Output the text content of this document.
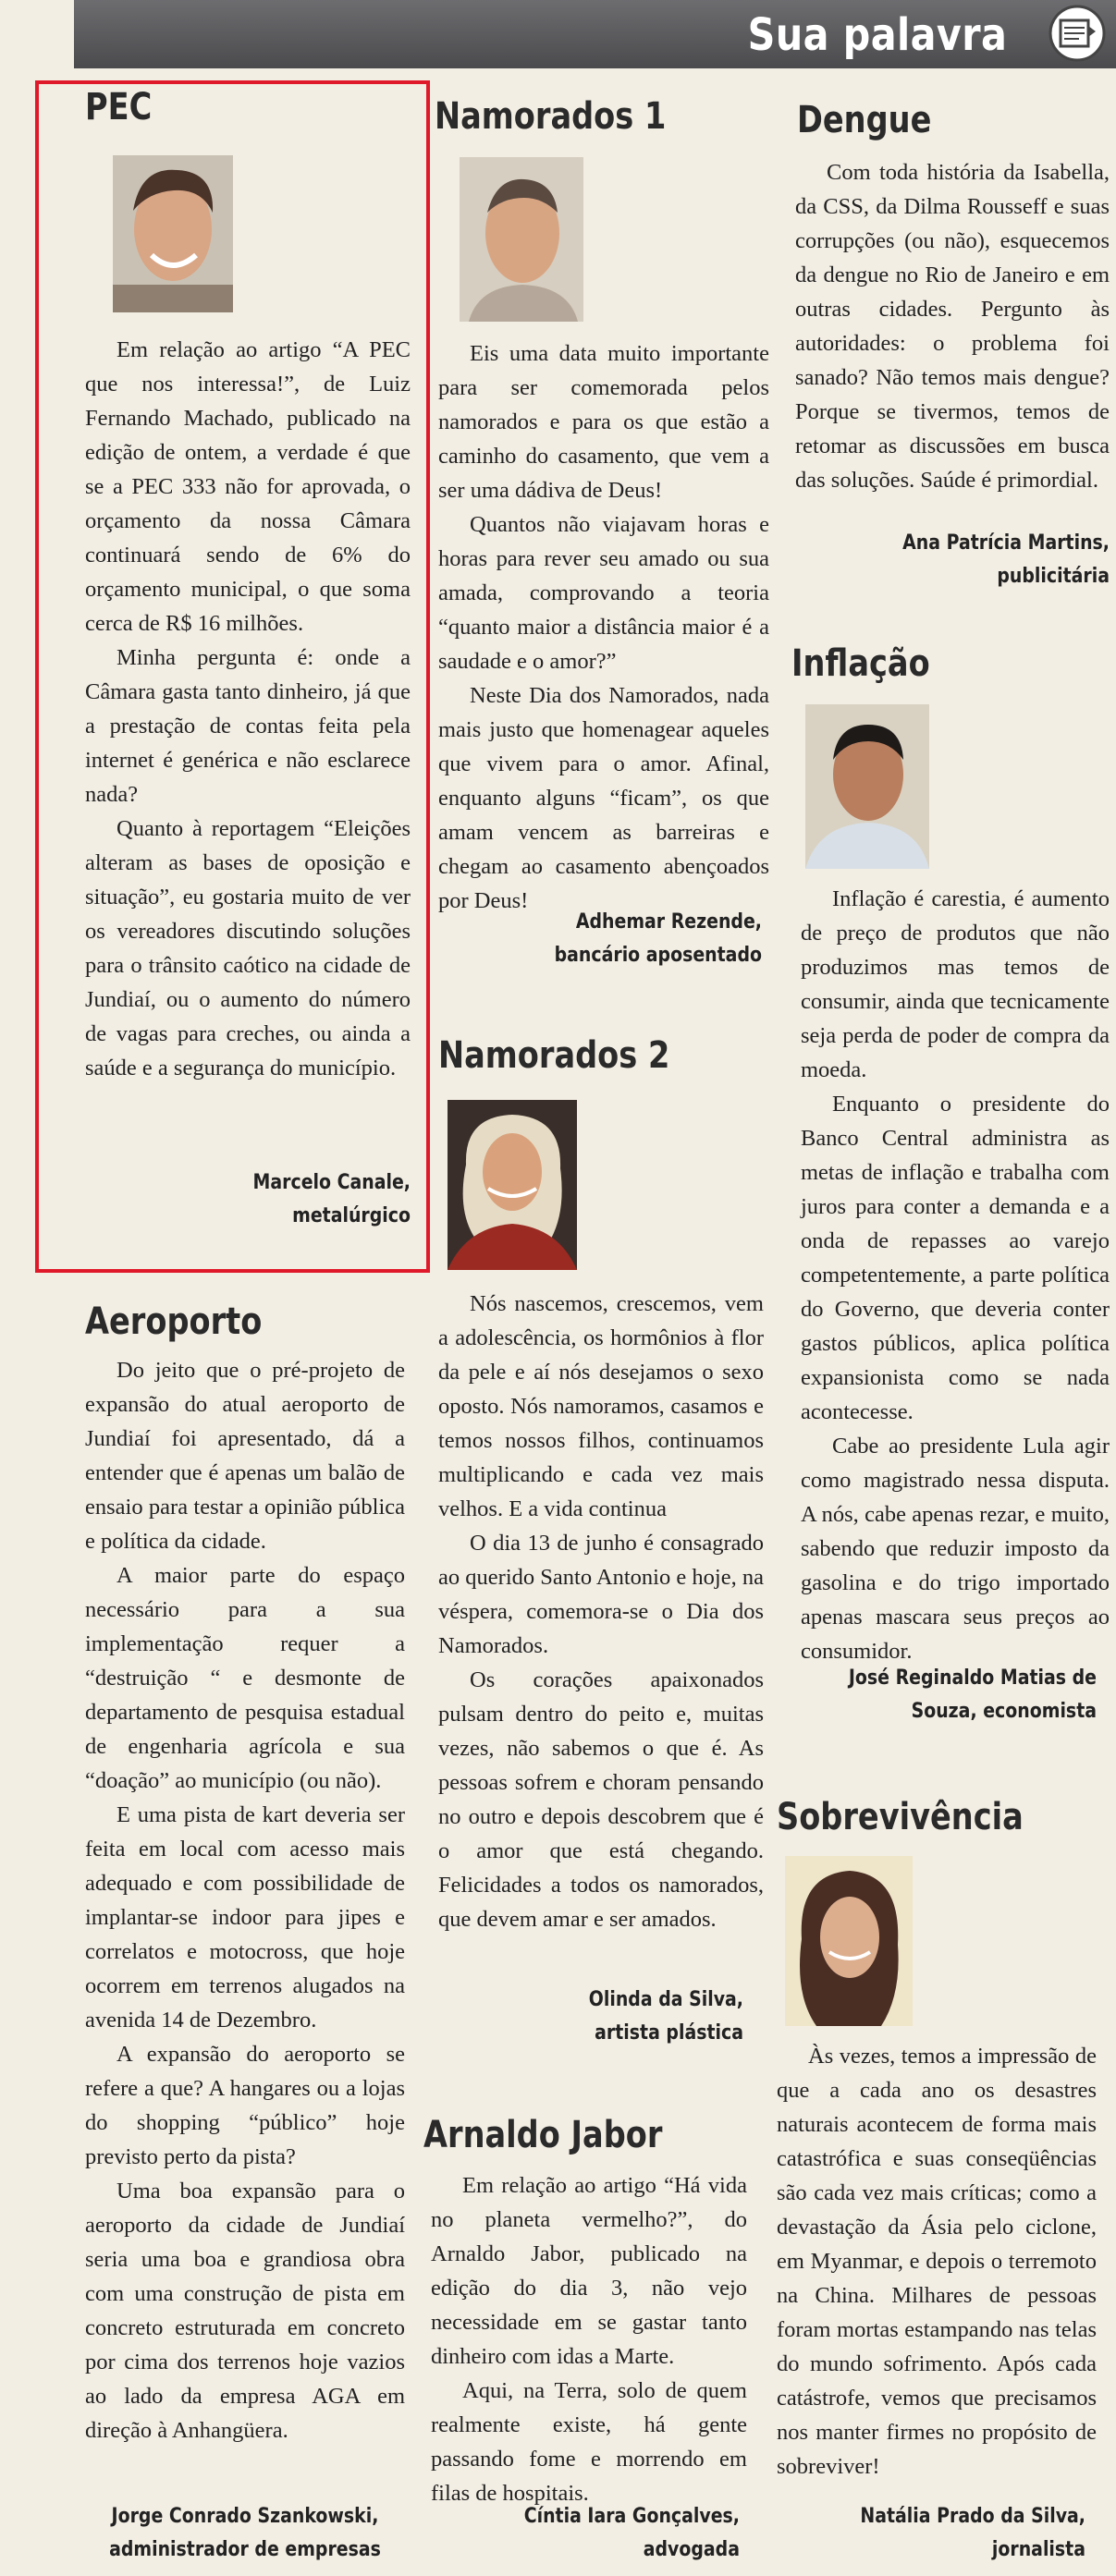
Sua palavra
PEC

Em relação ao artigo “A PEC que nos interessa!”, de Luiz Fernando Machado, publicado na edição de ontem, a verdade é que se a PEC 333 não for aprovada, o orçamento da nossa Câmara continuará sendo de 6% do orçamento municipal, o que soma cerca de R$ 16 milhões.

Minha pergunta é: onde a Câmara gasta tanto dinheiro, já que a prestação de contas feita pela internet é genérica e não esclarece nada?

Quanto à reportagem “Eleições alteram as bases de oposição e situação”, eu gostaria muito de ver os vereadores discutindo soluções para o trânsito caótico na cidade de Jundiaí, ou o aumento do número de vagas para creches, ou ainda a saúde e a segurança do município.

Marcelo Canale,
metalúrgico
Aeroporto

Do jeito que o pré-projeto de expansão do atual aeroporto de Jundiaí foi apresentado, dá a entender que é apenas um balão de ensaio para testar a opinião pública e política da cidade.

A maior parte do espaço necessário para a sua implementação requer a “destruição “ e desmonte de departamento de pesquisa estadual de engenharia agrícola e sua “doação” ao município (ou não).

E uma pista de kart deveria ser feita em local com acesso mais adequado e com possibilidade de implantar-se indoor para jipes e correlatos e motocross, que hoje ocorrem em terrenos alugados na avenida 14 de Dezembro.

A expansão do aeroporto se refere a que? A hangares ou a lojas do shopping “público” hoje previsto perto da pista?

Uma boa expansão para o aeroporto da cidade de Jundiaí seria uma boa e grandiosa obra com uma construção de pista em concreto estruturada em concreto por cima dos terrenos hoje vazios ao lado da empresa AGA em direção à Anhangüera.

Jorge Conrado Szankowski,
administrador de empresas
Namorados 1

Eis uma data muito importante para ser comemorada pelos namorados e para os que estão a caminho do casamento, que vem a ser uma dádiva de Deus!

Quantos não viajavam horas e horas para rever seu amado ou sua amada, comprovando a teoria “quanto maior a distância maior é a saudade e o amor?”

Neste Dia dos Namorados, nada mais justo que homenagear aqueles que vivem para o amor. Afinal, enquanto alguns “ficam”, os que amam vencem as barreiras e chegam ao casamento abençoados por Deus!

Adhemar Rezende,
bancário aposentado
Namorados 2

Nós nascemos, crescemos, vem a adolescência, os hormônios à flor da pele e aí nós desejamos o sexo oposto. Nós namoramos, casamos e temos nossos filhos, continuamos multiplicando e cada vez mais velhos. E a vida continua

O dia 13 de junho é consagrado ao querido Santo Antonio e hoje, na véspera, comemora-se o Dia dos Namorados.

Os corações apaixonados pulsam dentro do peito e, muitas vezes, não sabemos o que é. As pessoas sofrem e choram pensando no outro e depois descobrem que é o amor que está chegando. Felicidades a todos os namorados, que devem amar e ser amados.

Olinda da Silva,
artista plástica
Arnaldo Jabor

Em relação ao artigo “Há vida no planeta vermelho?”, do Arnaldo Jabor, publicado na edição do dia 3, não vejo necessidade em se gastar tanto dinheiro com idas a Marte.

Aqui, na Terra, solo de quem realmente existe, há gente passando fome e morrendo em filas de hospitais.

Cíntia Iara Gonçalves,
advogada
Dengue

Com toda história da Isabella, da CSS, da Dilma Rousseff e suas corrupções (ou não), esquecemos da dengue no Rio de Janeiro e em outras cidades. Pergunto às autoridades: o problema foi sanado? Não temos mais dengue? Porque se tivermos, temos de retomar as discussões em busca das soluções. Saúde é primordial.

Ana Patrícia Martins,
publicitária
Inflação

Inflação é carestia, é aumento de preço de produtos que não produzimos mas temos de consumir, ainda que tecnicamente seja perda de poder de compra da moeda.

Enquanto o presidente do Banco Central administra as metas de inflação e trabalha com juros para conter a demanda e a onda de repasses ao varejo competentemente, a parte política do Governo, que deveria conter gastos públicos, aplica política expansionista como se nada acontecesse.

Cabe ao presidente Lula agir como magistrado nessa disputa. A nós, cabe apenas rezar, e muito, sabendo que reduzir imposto da gasolina e do trigo importado apenas mascara seus preços ao consumidor.

José Reginaldo Matias de
Souza, economista
Sobrevivência

Às vezes, temos a impressão de que a cada ano os desastres naturais acontecem de forma mais catastrófica e suas conseqüências são cada vez mais críticas; como a devastação da Ásia pelo ciclone, em Myanmar, e depois o terremoto na China. Milhares de pessoas foram mortas estampando nas telas do mundo sofrimento. Após cada catástrofe, vemos que precisamos nos manter firmes no propósito de sobreviver!

Natália Prado da Silva,
jornalista
